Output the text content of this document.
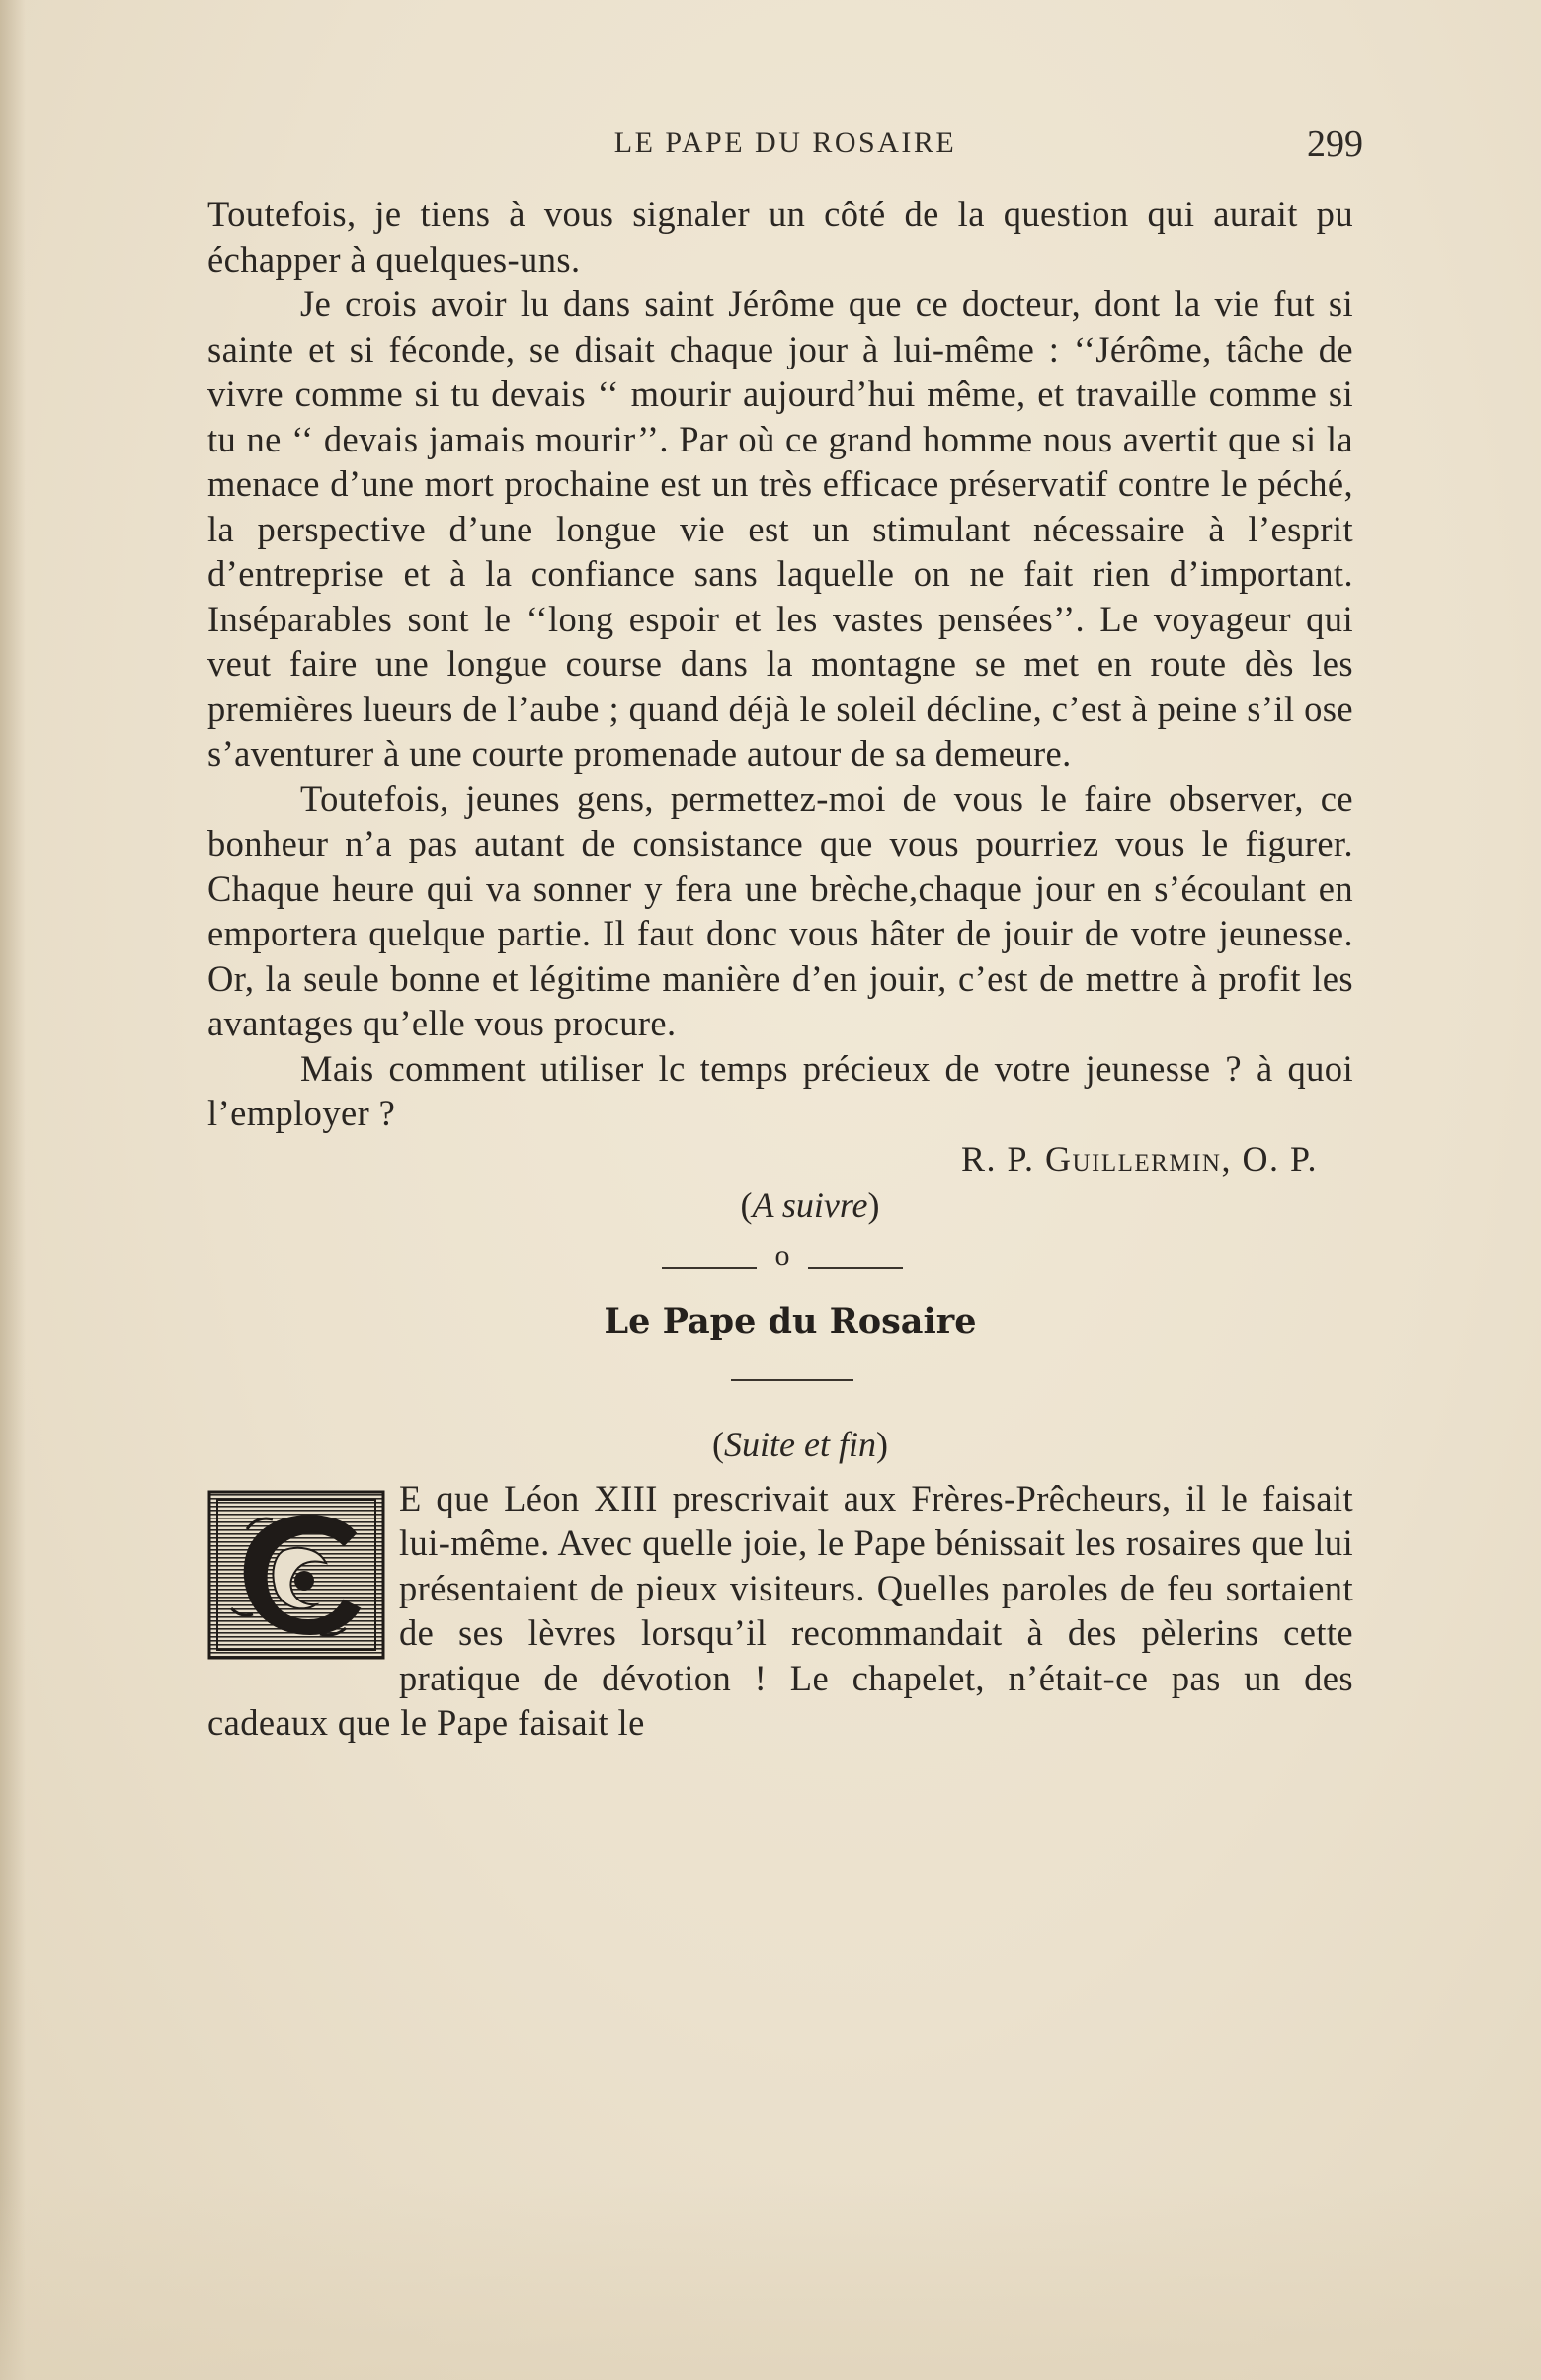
LE PAPE DU ROSAIRE	299

Toutefois, je tiens à vous signaler un côté de la question qui aurait pu échapper à quelques-uns.

Je crois avoir lu dans saint Jérôme que ce docteur, dont la vie fut si sainte et si féconde, se disait chaque jour à lui-même : ‘‘Jérôme, tâche de vivre comme si tu devais ‘‘ mourir aujourd’hui même, et travaille comme si tu ne ‘‘ devais jamais mourir’’. Par où ce grand homme nous avertit que si la menace d’une mort prochaine est un très efficace préservatif contre le péché, la perspective d’une longue vie est un stimulant nécessaire à l’esprit d’entreprise et à la confiance sans laquelle on ne fait rien d’important. Inséparables sont le ‘‘long espoir et les vastes pensées’’. Le voyageur qui veut faire une longue course dans la montagne se met en route dès les premières lueurs de l’aube ; quand déjà le soleil décline, c’est à peine s’il ose s’aventurer à une courte promenade autour de sa demeure.

Toutefois, jeunes gens, permettez-moi de vous le faire observer, ce bonheur n’a pas autant de consistance que vous pourriez vous le figurer. Chaque heure qui va sonner y fera une brèche,chaque jour en s’écoulant en emportera quelque partie. Il faut donc vous hâter de jouir de votre jeunesse. Or, la seule bonne et légitime manière d’en jouir, c’est de mettre à profit les avantages qu’elle vous procure.

Mais comment utiliser lc temps précieux de votre jeunesse ? à quoi l’employer ?

R. P. Guillermin, O. P.

(A suivre)

o
Le Pape du Rosaire

(Suite et fin)

E que Léon XIII prescrivait aux Frères-Prêcheurs, il le faisait lui-même. Avec quelle joie, le Pape bénissait les rosaires que lui présentaient de pieux visiteurs. Quelles paroles de feu sortaient de ses lèvres lorsqu’il recommandait à des pèlerins cette pratique de dévotion ! Le chapelet, n’était-ce pas un des cadeaux que le Pape faisait le
